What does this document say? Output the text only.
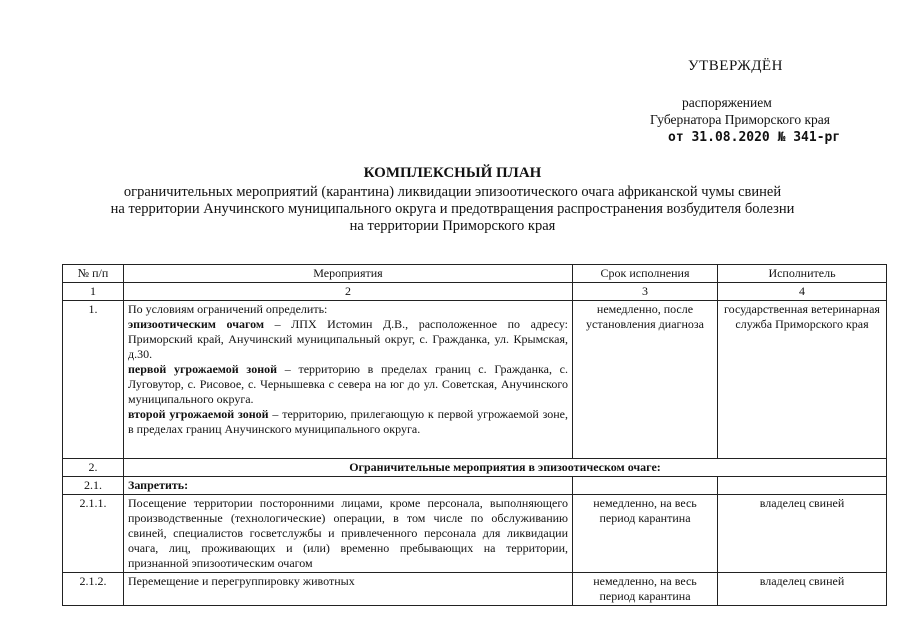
УТВЕРЖДЁН
распоряжением
Губернатора Приморского края
от 31.08.2020 № 341-рг
КОМПЛЕКСНЫЙ ПЛАН
ограничительных мероприятий (карантина) ликвидации эпизоотического очага африканской чумы свиней
на территории Анучинского муниципального округа и предотвращения распространения возбудителя болезни
на территории Приморского края
№ п/п	Мероприятия	Срок исполнения	Исполнитель
1	2	3	4
1.	По условиям ограничений определить:
эпизоотическим очагом – ЛПХ Истомин Д.В., расположенное по адресу: Приморский край, Анучинский муниципальный округ, с. Гражданка, ул. Крымская, д.30.
первой угрожаемой зоной – территорию в пределах границ с. Гражданка, с. Луговутор, с. Рисовое, с. Чернышевка с севера на юг до ул. Советская, Анучинского муниципального округа.
второй угрожаемой зоной – территорию, прилегающую к первой угрожаемой зоне, в пределах границ Анучинского муниципального округа.	немедленно, после установления диагноза	государственная ветеринарная служба Приморского края
2.	Ограничительные мероприятия в эпизоотическом очаге:		
2.1.	Запретить:		
2.1.1.	Посещение территории посторонними лицами, кроме персонала, выполняющего производственные (технологические) операции, в том числе по обслуживанию свиней, специалистов госветслужбы и привлеченного персонала для ликвидации очага, лиц, проживающих и (или) временно пребывающих на территории, признанной эпизоотическим очагом	немедленно, на весь период карантина	владелец свиней
2.1.2.	Перемещение и перегруппировку животных	немедленно, на весь период карантина	владелец свиней
